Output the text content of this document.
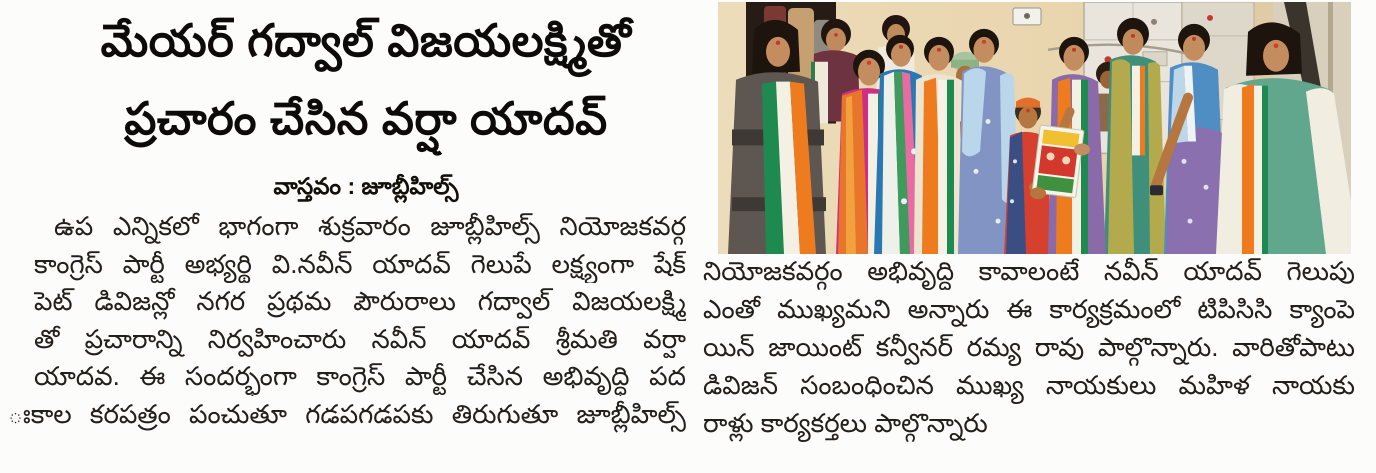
మేయర్ గద్వాల్ విజయలక్ష్మితో
ప్రచారం చేసిన వర్షా యాదవ్
వాస్తవం : జూబ్లీహిల్స్
ఉప ఎన్నికలో భాగంగా శుక్రవారం జూబ్లీహిల్స్ నియోజకవర్గ
కాంగ్రెస్ పార్టీ అభ్యర్థి వి.నవీన్ యాదవ్ గెలుపే లక్ష్యంగా షేక్
పెట్ డివిజన్లో నగర ప్రథమ పౌరురాలు గద్వాల్ విజయలక్ష్మి
తో ప్రచారాన్ని నిర్వహించారు నవీన్ యాదవ్ శ్రీమతి వర్షా
యాదవ. ఈ సందర్భంగా కాంగ్రెస్ పార్టీ చేసిన అభివృద్ధి పద
ఃకాల కరపత్రం పంచుతూ గడపగడపకు తిరుగుతూ జూబ్లీహిల్స్
నియోజకవర్గం అభివృద్ధి కావాలంటే నవీన్ యాదవ్ గెలుపు
ఎంతో ముఖ్యమని అన్నారు ఈ కార్యక్రమంలో టిపిసిసి క్యాంపె
యిన్ జాయింట్ కన్వీనర్ రమ్య రావు పాల్గొన్నారు. వారితోపాటు
డివిజన్ సంబంధించిన ముఖ్య నాయకులు మహిళ నాయకు
రాళ్లు కార్యకర్తలు పాల్గొన్నారు
